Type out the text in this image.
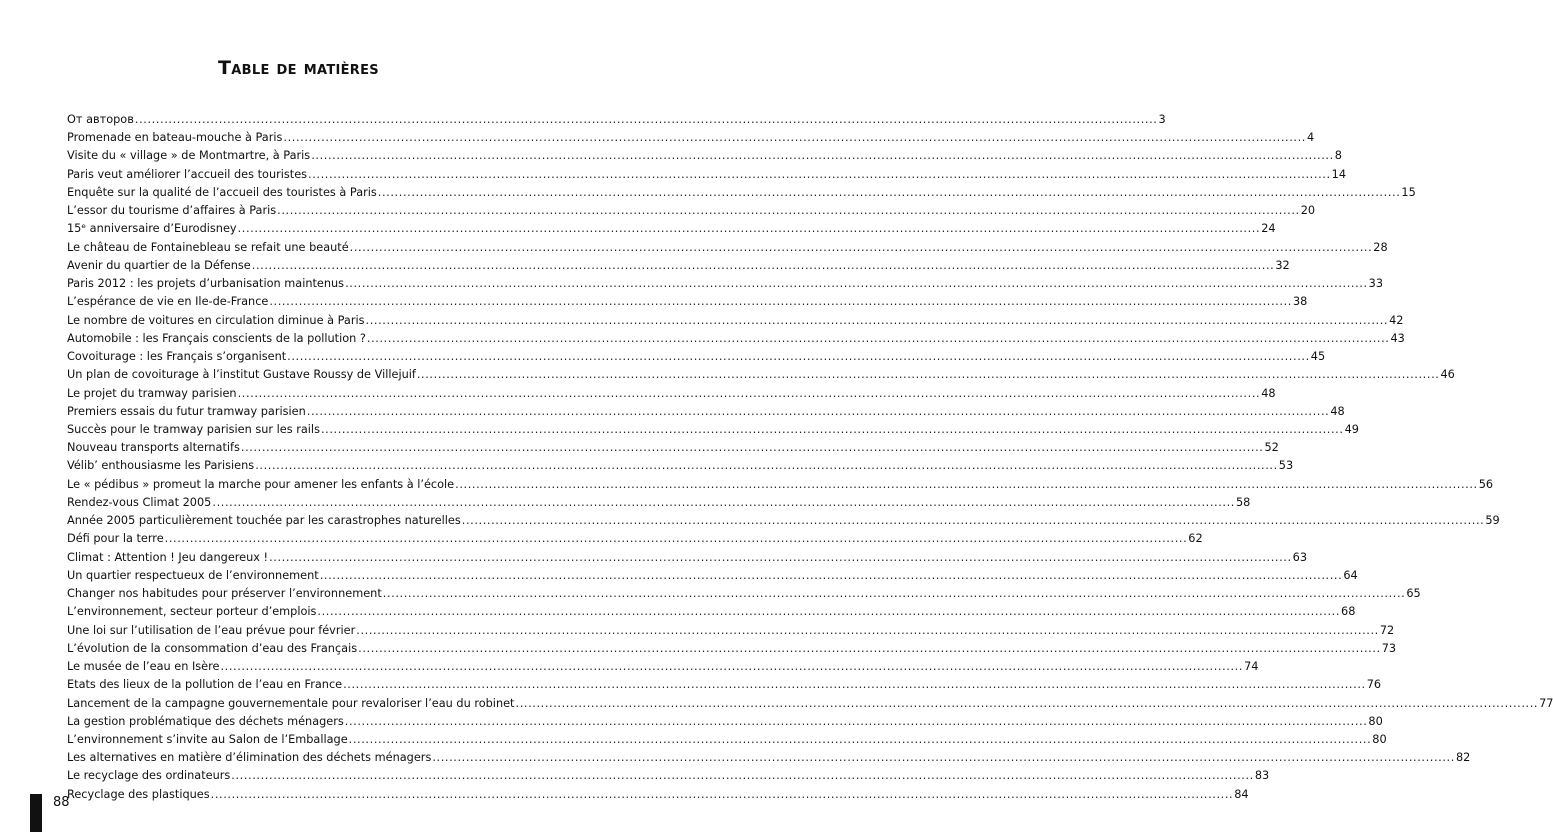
Table de matières
От авторов .....	3
Promenade en bateau-mouche à Paris .....	4
Visite du « village » de Montmartre, à Paris .....	8
Paris veut améliorer l’accueil des touristes .....	14
Enquête sur la qualité de l’accueil des touristes à Paris .....	15
L’essor du tourisme d’affaires à Paris .....	20
15ᵉ anniversaire d’Eurodisney .....	24
Le château de Fontainebleau se refait une beauté .....	28
Avenir du quartier de la Défense .....	32
Paris 2012 : les projets d’urbanisation maintenus .....	33
L’espérance de vie en Ile-de-France .....	38
Le nombre de voitures en circulation diminue à Paris .....	42
Automobile : les Français conscients de la pollution ? .....	43
Covoiturage : les Français s’organisent .....	45
Un plan de covoiturage à l’institut Gustave Roussy de Villejuif .....	46
Le projet du tramway parisien .....	48
Premiers essais du futur tramway parisien .....	48
Succès pour le tramway parisien sur les rails .....	49
Nouveau transports alternatifs .....	52
Vélib’ enthousiasme les Parisiens .....	53
Le « pédibus » promeut la marche pour amener les enfants à l’école .....	56
Rendez-vous Climat 2005 .....	58
Année 2005 particulièrement touchée par les carastrophes naturelles .....	59
Défi pour la terre .....	62
Climat : Attention ! Jeu dangereux ! .....	63
Un quartier respectueux de l’environnement .....	64
Changer nos habitudes pour préserver l’environnement .....	65
L’environnement, secteur porteur d’emplois .....	68
Une loi sur l’utilisation de l’eau prévue pour février .....	72
L’évolution de la consommation d’eau des Français .....	73
Le musée de l’eau en Isère .....	74
Etats des lieux de la pollution de l’eau en France .....	76
Lancement de la campagne gouvernementale pour revaloriser l’eau du robinet .....	77
La gestion problématique des déchets ménagers .....	80
L’environnement s’invite au Salon de l’Emballage .....	80
Les alternatives en matière d’élimination des déchets ménagers .....	82
Le recyclage des ordinateurs .....	83
Recyclage des plastiques .....	84
88
